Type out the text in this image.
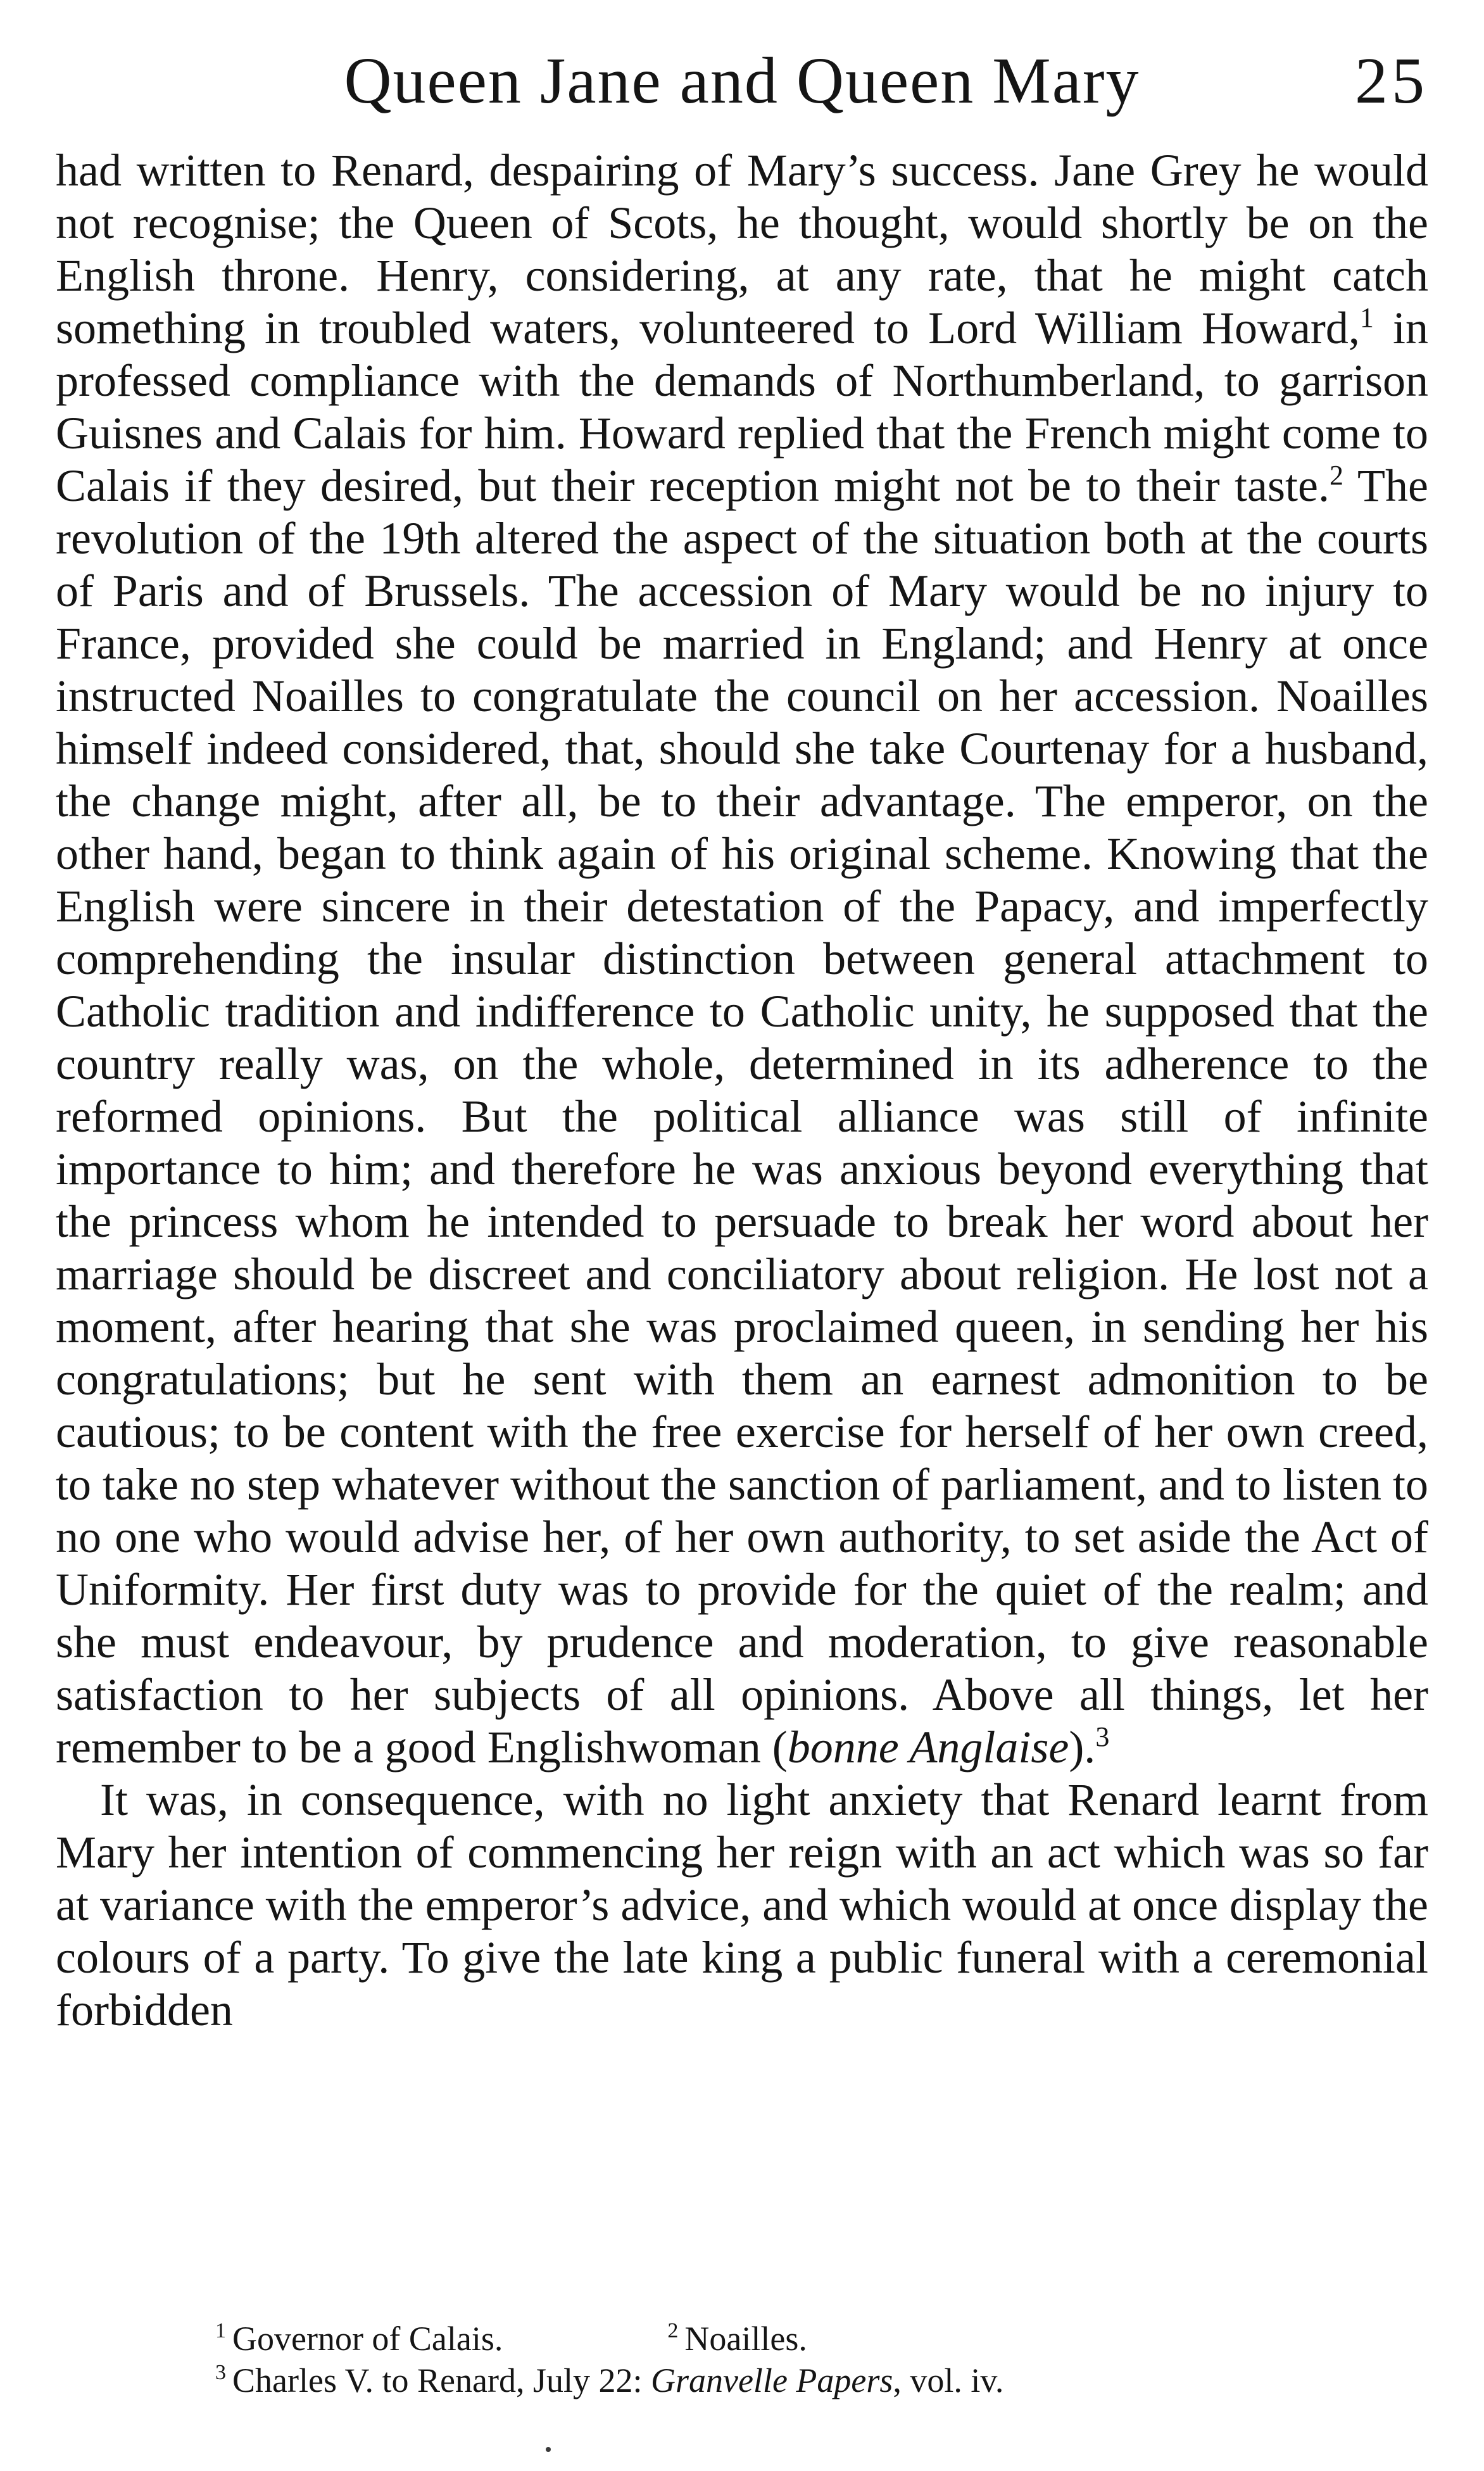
Queen Jane and Queen Mary	25

had written to Renard, despairing of Mary’s success. Jane Grey he would not recognise; the Queen of Scots, he thought, would shortly be on the English throne. Henry, considering, at any rate, that he might catch something in troubled waters, volunteered to Lord William Howard,$^1$ in professed compliance with the demands of Northumberland, to garrison Guisnes and Calais for him. Howard replied that the French might come to Calais if they desired, but their reception might not be to their taste.$^2$ The revolution of the 19th altered the aspect of the situation both at the courts of Paris and of Brussels. The accession of Mary would be no injury to France, provided she could be married in England; and Henry at once instructed Noailles to congratulate the council on her accession. Noailles himself indeed considered, that, should she take Courtenay for a husband, the change might, after all, be to their advantage. The emperor, on the other hand, began to think again of his original scheme. Knowing that the English were sincere in their detestation of the Papacy, and imperfectly comprehending the insular distinction between general attachment to Catholic tradition and indifference to Catholic unity, he supposed that the country really was, on the whole, determined in its adherence to the reformed opinions. But the political alliance was still of infinite importance to him; and therefore he was anxious beyond everything that the princess whom he intended to persuade to break her word about her marriage should be discreet and conciliatory about religion. He lost not a moment, after hearing that she was proclaimed queen, in sending her his congratulations; but he sent with them an earnest admonition to be cautious; to be content with the free exercise for herself of her own creed, to take no step whatever without the sanction of parliament, and to listen to no one who would advise her, of her own authority, to set aside the Act of Uniformity. Her first duty was to provide for the quiet of the realm; and she must endeavour, by prudence and moderation, to give reasonable satisfaction to her subjects of all opinions. Above all things, let her remember to be a good Englishwoman (bonne Anglaise).$^3$

It was, in consequence, with no light anxiety that Renard learnt from Mary her intention of commencing her reign with an act which was so far at variance with the emperor’s advice, and which would at once display the colours of a party. To give the late king a public funeral with a ceremonial forbidden

$^1$ Governor of Calais.	$^2$ Noailles.
$^3$ Charles V. to Renard, July 22: Granvelle Papers, vol. iv.
